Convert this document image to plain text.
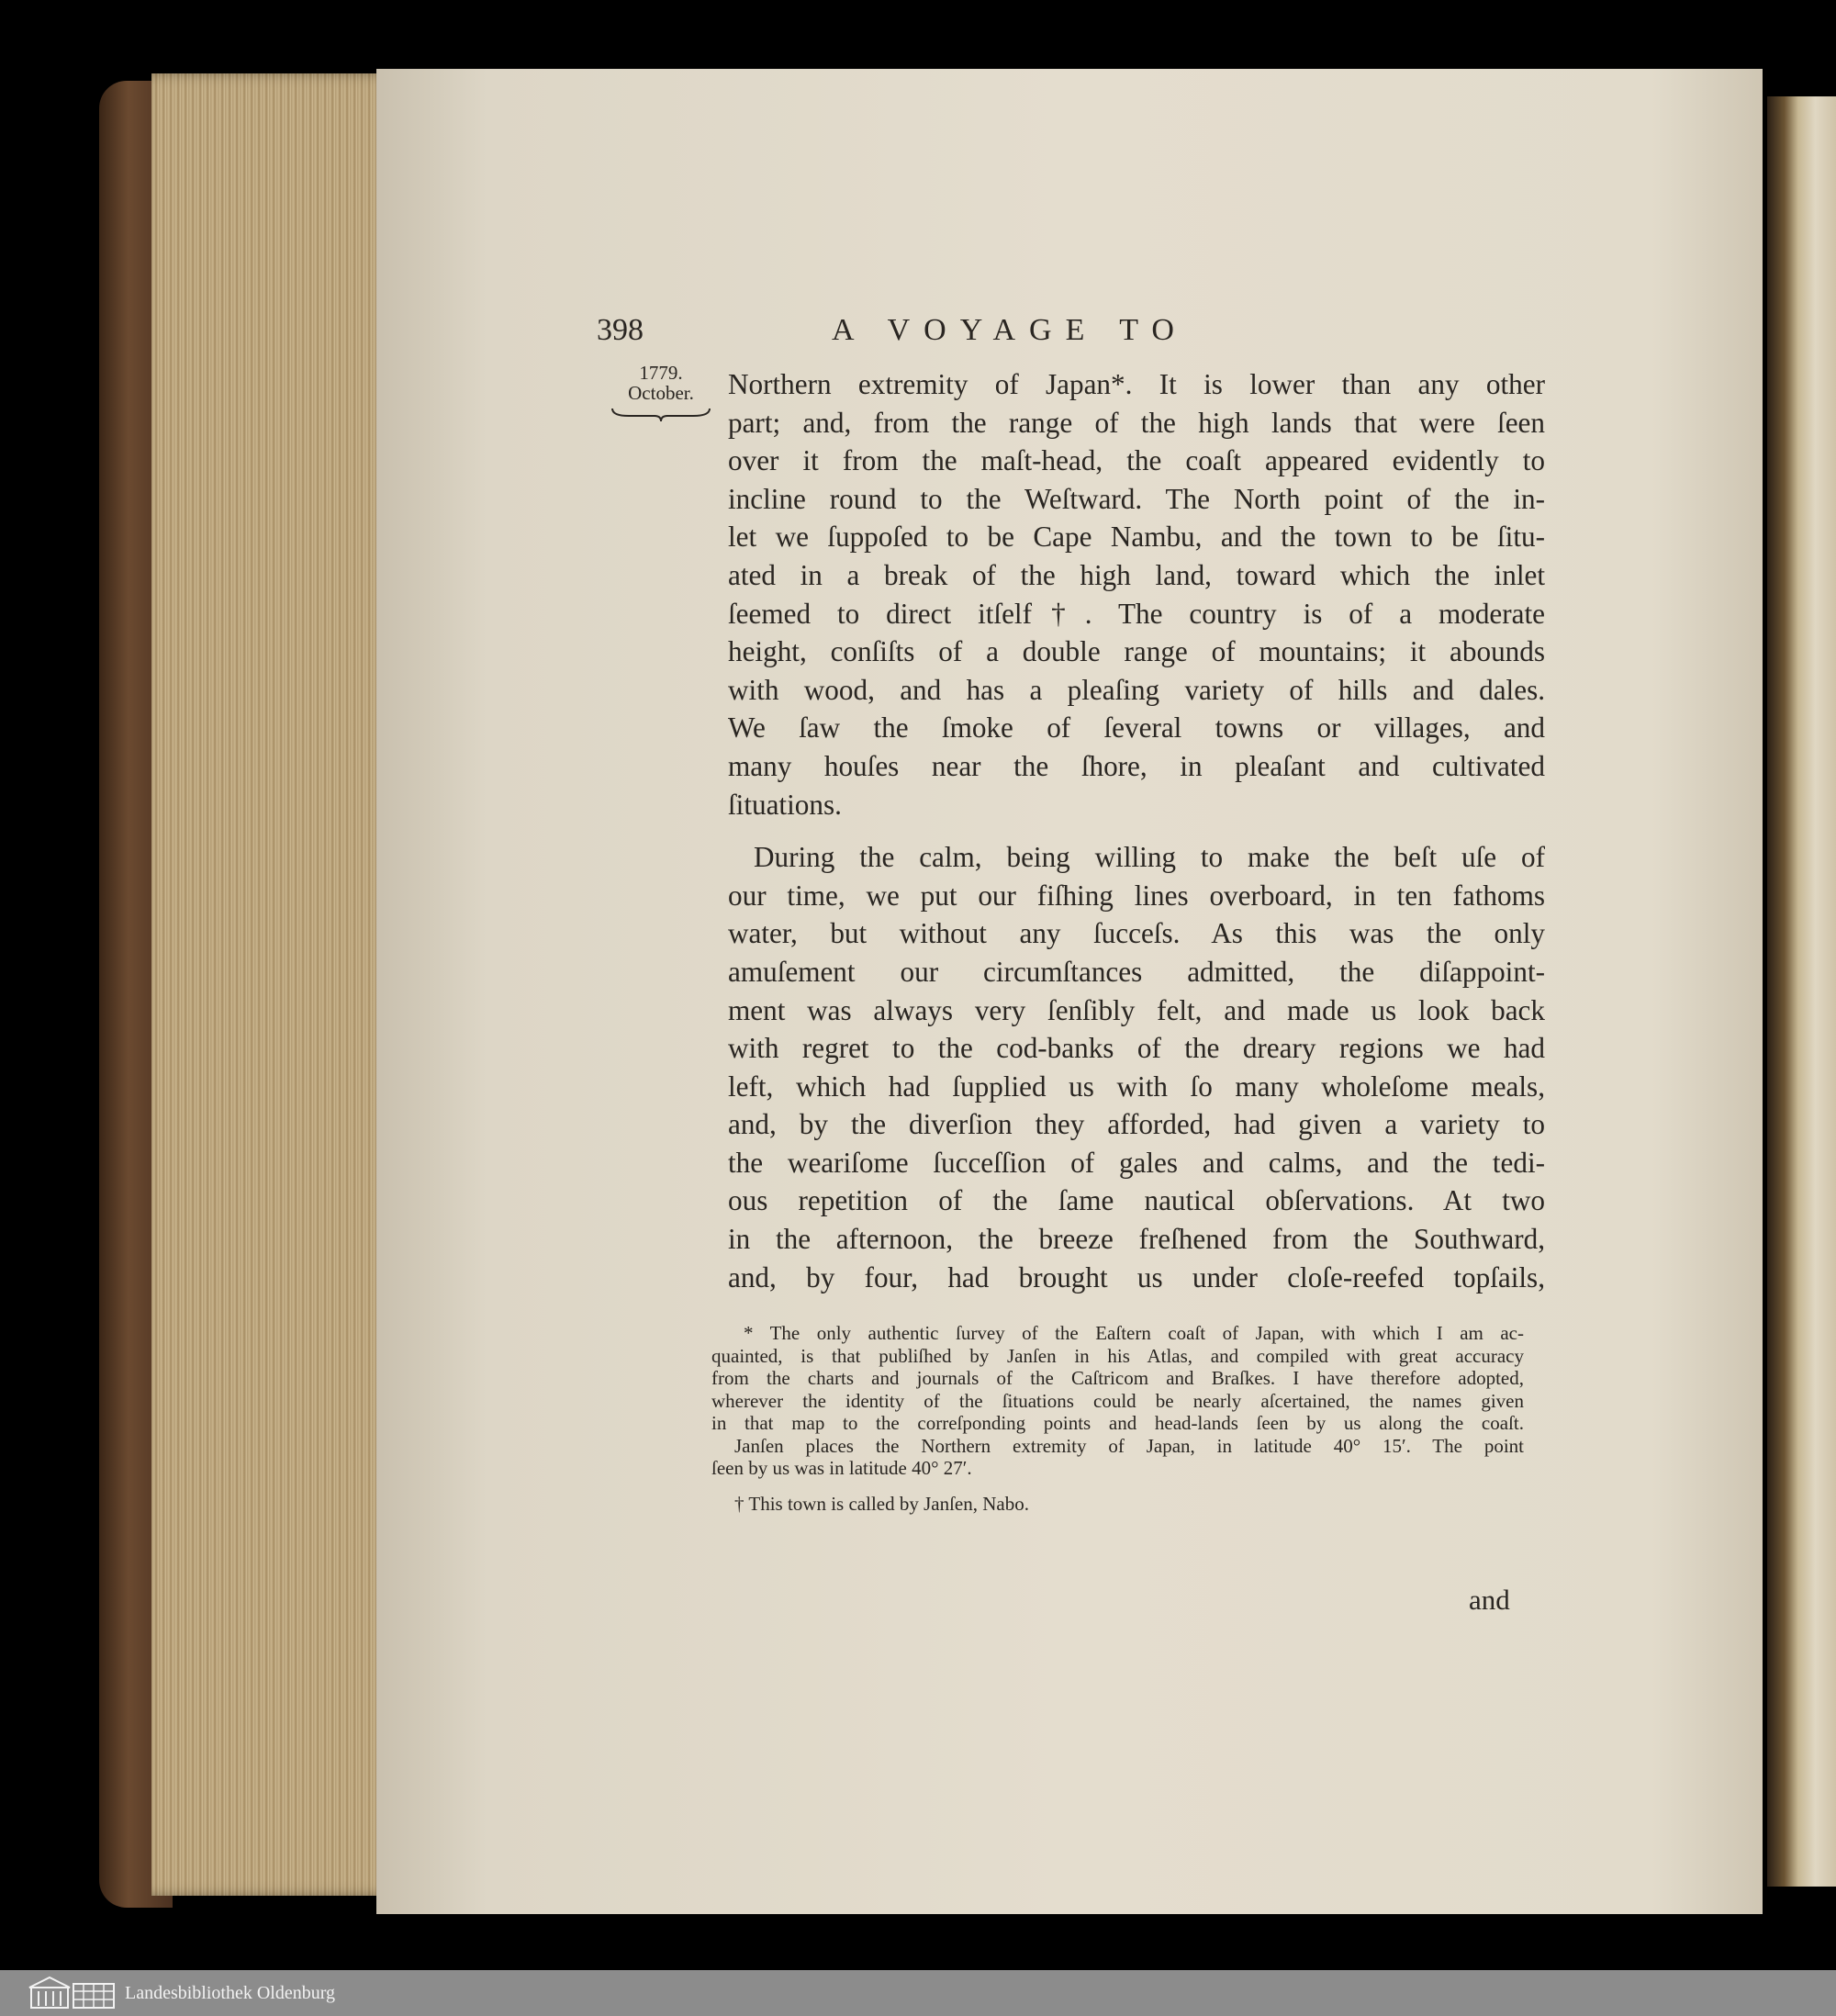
398	A VOYAGE TO
1779.
October.	Northern extremity of Japan*. It is lower than any other
part; and, from the range of the high lands that were ſeen
over it from the maſt-head, the coaſt appeared evidently to
incline round to the Weſtward. The North point of the in-
let we ſuppoſed to be Cape Nambu, and the town to be ſitu-
ated in a break of the high land, toward which the inlet
ſeemed to direct itſelf†. The country is of a moderate
height, conſiſts of a double range of mountains; it abounds
with wood, and has a pleaſing variety of hills and dales.
We ſaw the ſmoke of ſeveral towns or villages, and
many houſes near the ſhore, in pleaſant and cultivated
ſituations.
During the calm, being willing to make the beſt uſe of
our time, we put our fiſhing lines overboard, in ten fathoms
water, but without any ſucceſs. As this was the only
amuſement our circumſtances admitted, the diſappoint-
ment was always very ſenſibly felt, and made us look back
with regret to the cod-banks of the dreary regions we had
left, which had ſupplied us with ſo many wholeſome meals,
and, by the diverſion they afforded, had given a variety to
the weariſome ſucceſſion of gales and calms, and the tedi-
ous repetition of the ſame nautical obſervations. At two
in the afternoon, the breeze freſhened from the Southward,
and, by four, had brought us under cloſe-reefed topſails,
* The only authentic ſurvey of the Eaſtern coaſt of Japan, with which I am ac-
quainted, is that publiſhed by Janſen in his Atlas, and compiled with great accuracy
from the charts and journals of the Caſtricom and Braſkes. I have therefore adopted,
wherever the identity of the ſituations could be nearly aſcertained, the names given
in that map to the correſponding points and head-lands ſeen by us along the coaſt.
Janſen places the Northern extremity of Japan, in latitude 40° 15′. The point
ſeen by us was in latitude 40° 27′.
† This town is called by Janſen, Nabo.
and
Landesbibliothek Oldenburg
